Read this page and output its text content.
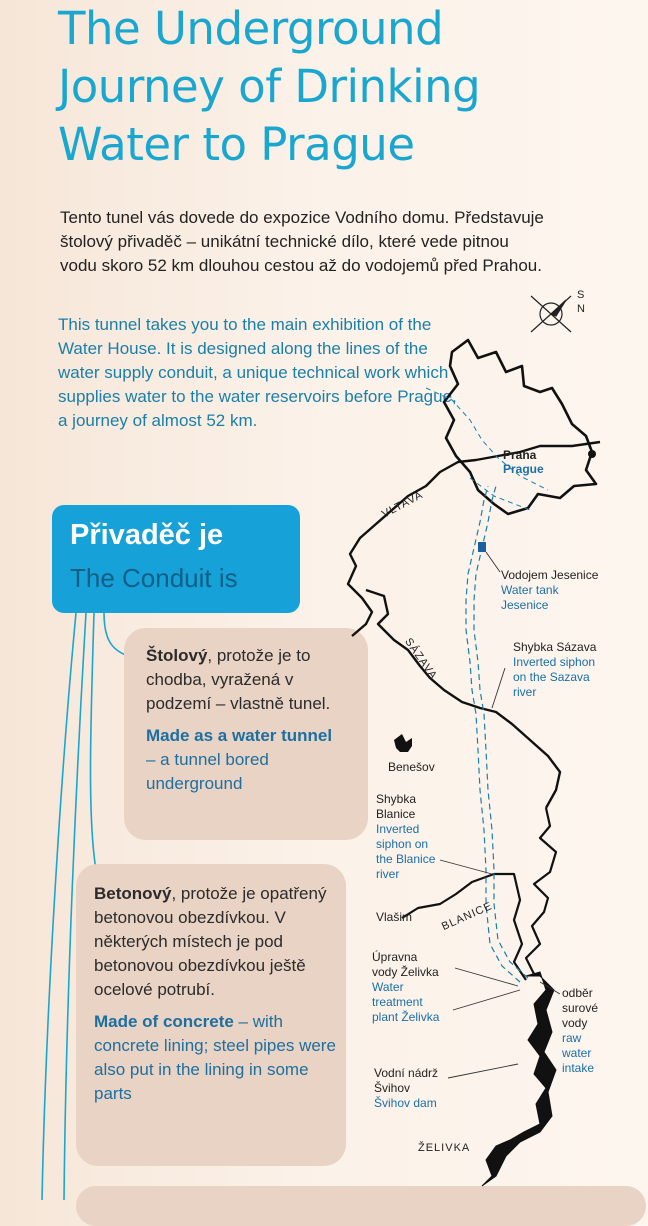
The Underground
Journey of Drinking
Water to Prague
Tento tunel vás dovede do expozice Vodního domu. Představuje štolový přivaděč – unikátní technické dílo, které vede pitnou vodu skoro 52 km dlouhou cestou až do vodojemů před Prahou.
This tunnel takes you to the main exhibition of the Water House. It is designed along the lines of the water supply conduit, a unique technical work which supplies water to the water reservoirs before Prague, a journey of almost 52 km.
Přivaděč je
The Conduit is

Štolový, protože je to chodba, vyražená v podzemí – vlastně tunel.

Made as a water tunnel – a tunnel bored underground

Betonový, protože je opatřený betonovou obezdívkou. V některých místech je pod betonovou obezdívkou ještě ocelové potrubí.

Made of concrete – with concrete lining; steel pipes were also put in the lining in some parts

S
N
Praha
Prague
VLTAVA
SÁZAVA
BLANICE
ŽELIVKA
Vodojem Jesenice
Water tank
Jesenice
Shybka Sázava
Inverted siphon
on the Sazava
river
Benešov
Shybka
Blanice
Inverted
siphon on
the Blanice
river
Vlašim
Úpravna
vody Želivka
Water
treatment
plant Želivka
odběr
surové
vody
raw
water
intake
Vodní nádrž
Švihov
Švihov dam
